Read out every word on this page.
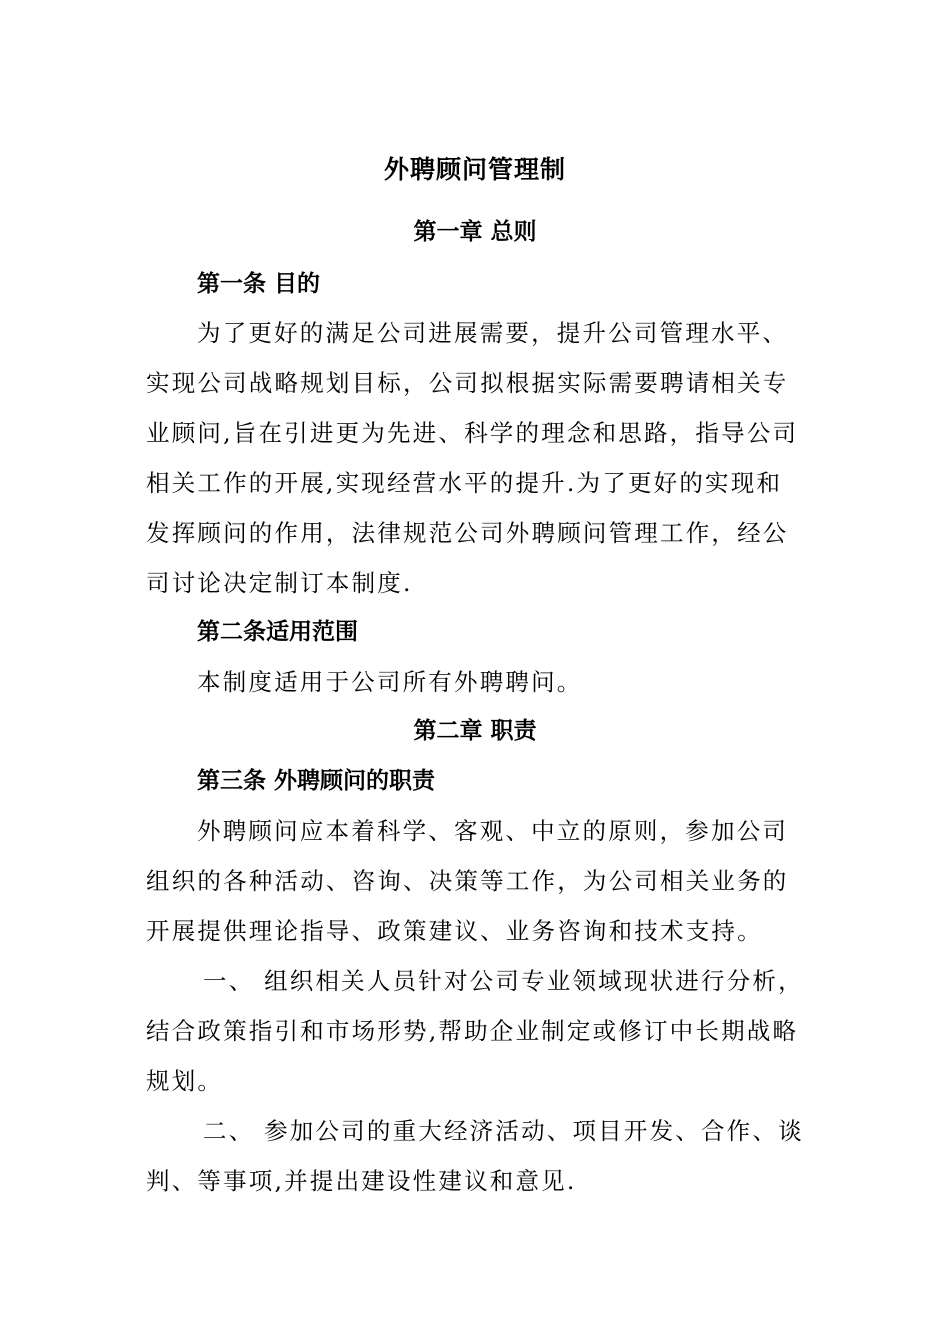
外聘顾问管理制
第一章 总则
第一条 目的
为了更好的满足公司进展需要，提升公司管理水平、
实现公司战略规划目标，公司拟根据实际需要聘请相关专
业顾问,旨在引进更为先进、科学的理念和思路，指导公司
相关工作的开展,实现经营水平的提升.为了更好的实现和
发挥顾问的作用，法律规范公司外聘顾问管理工作，经公
司讨论决定制订本制度.
第二条适用范围
本制度适用于公司所有外聘聘问。
第二章 职责
第三条 外聘顾问的职责
外聘顾问应本着科学、客观、中立的原则，参加公司
组织的各种活动、咨询、决策等工作，为公司相关业务的
开展提供理论指导、政策建议、业务咨询和技术支持。
一、 组织相关人员针对公司专业领域现状进行分析，
结合政策指引和市场形势,帮助企业制定或修订中长期战略
规划。
二、 参加公司的重大经济活动、项目开发、合作、谈
判、等事项,并提出建设性建议和意见.
